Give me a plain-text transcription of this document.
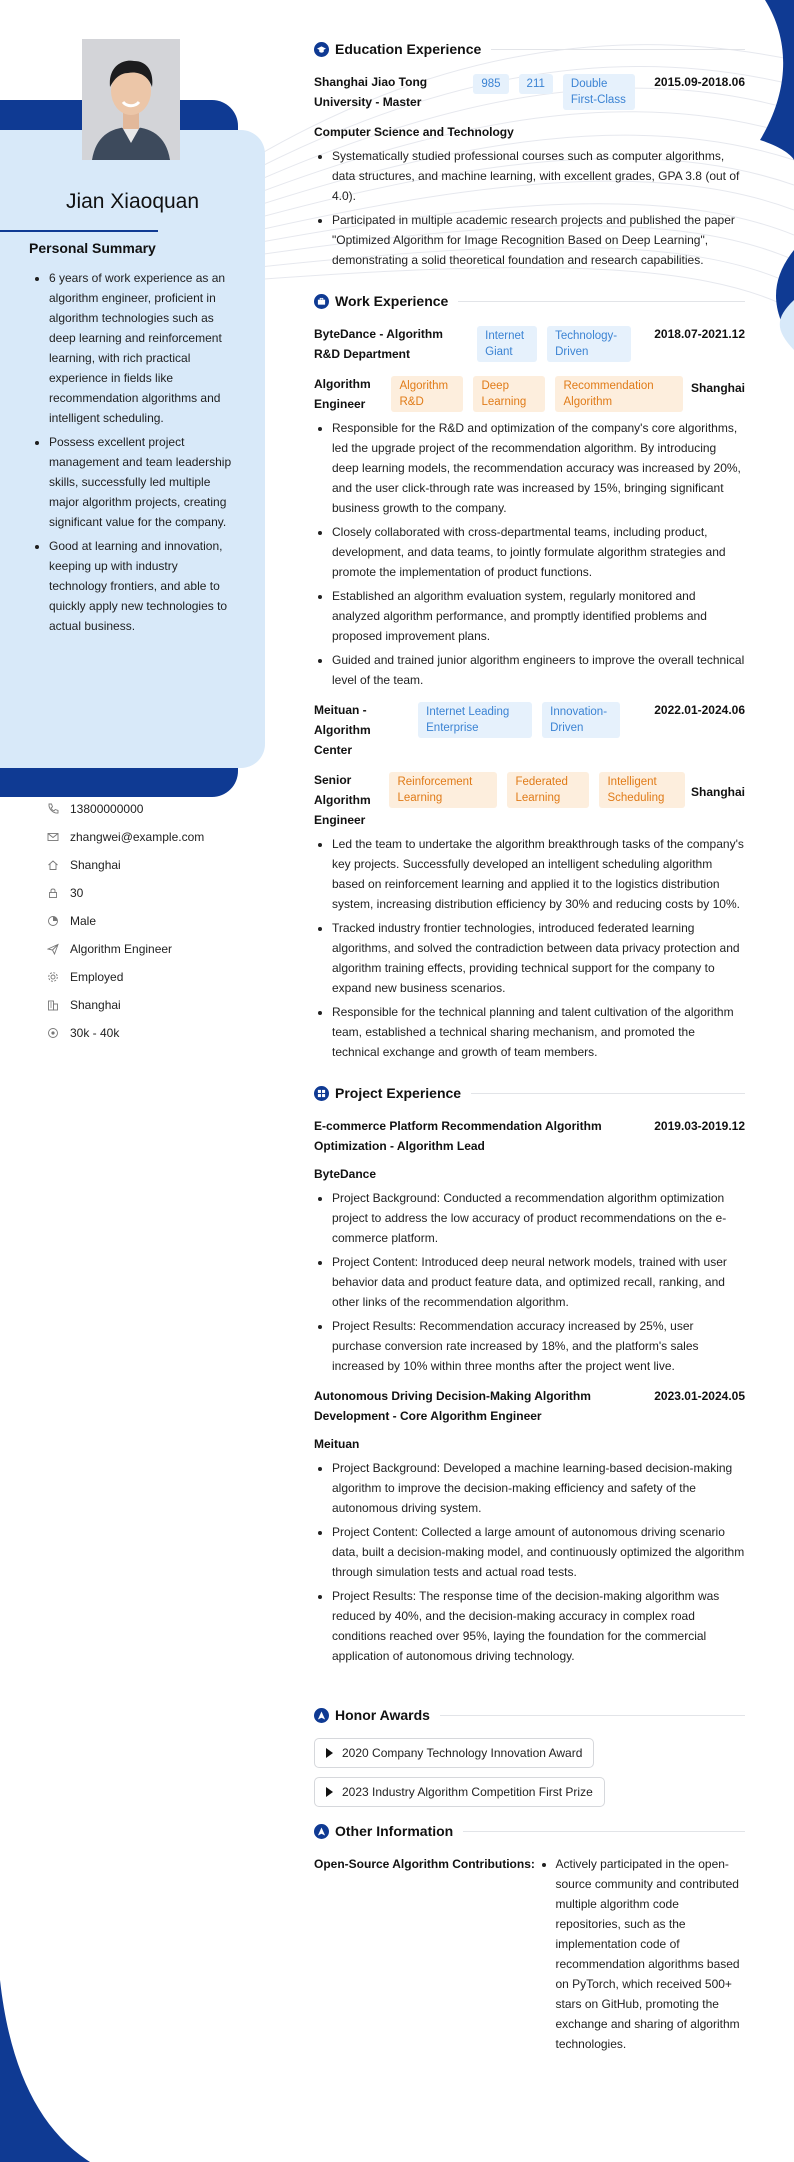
Jian Xiaoquan
Personal Summary
• 6 years of work experience as an algorithm engineer, proficient in algorithm technologies such as deep learning and reinforcement learning, with rich practical experience in fields like recommendation algorithms and intelligent scheduling.
• Possess excellent project management and team leadership skills, successfully led multiple major algorithm projects, creating significant value for the company.
• Good at learning and innovation, keeping up with industry technology frontiers, and able to quickly apply new technologies to actual business.
13800000000
zhangwei@example.com
Shanghai
30
Male
Algorithm Engineer
Employed
Shanghai
30k - 40k
Education Experience
Shanghai Jiao Tong University - Master
985	211	Double First-Class
2015.09-2018.06
Computer Science and Technology
• Systematically studied professional courses such as computer algorithms, data structures, and machine learning, with excellent grades, GPA 3.8 (out of 4.0).
• Participated in multiple academic research projects and published the paper "Optimized Algorithm for Image Recognition Based on Deep Learning", demonstrating a solid theoretical foundation and research capabilities.
Work Experience
ByteDance - Algorithm R&D Department
Internet Giant
Technology-Driven
2018.07-2021.12
Algorithm Engineer
Algorithm R&D
Deep Learning
Recommendation Algorithm
Shanghai
• Responsible for the R&D and optimization of the company's core algorithms, led the upgrade project of the recommendation algorithm. By introducing deep learning models, the recommendation accuracy was increased by 20%, and the user click-through rate was increased by 15%, bringing significant business growth to the company.
• Closely collaborated with cross-departmental teams, including product, development, and data teams, to jointly formulate algorithm strategies and promote the implementation of product functions.
• Established an algorithm evaluation system, regularly monitored and analyzed algorithm performance, and promptly identified problems and proposed improvement plans.
• Guided and trained junior algorithm engineers to improve the overall technical level of the team.
Meituan - Algorithm Center
Internet Leading Enterprise
Innovation-Driven
2022.01-2024.06
Senior Algorithm Engineer
Reinforcement Learning
Federated Learning
Intelligent Scheduling	Shanghai
• Led the team to undertake the algorithm breakthrough tasks of the company's key projects. Successfully developed an intelligent scheduling algorithm based on reinforcement learning and applied it to the logistics distribution system, increasing distribution efficiency by 30% and reducing costs by 10%.
• Tracked industry frontier technologies, introduced federated learning algorithms, and solved the contradiction between data privacy protection and algorithm training effects, providing technical support for the company to expand new business scenarios.
• Responsible for the technical planning and talent cultivation of the algorithm team, established a technical sharing mechanism, and promoted the technical exchange and growth of team members.
Project Experience
E-commerce Platform Recommendation Algorithm Optimization - Algorithm Lead
2019.03-2019.12
ByteDance
• Project Background: Conducted a recommendation algorithm optimization project to address the low accuracy of product recommendations on the e-commerce platform.
• Project Content: Introduced deep neural network models, trained with user behavior data and product feature data, and optimized recall, ranking, and other links of the recommendation algorithm.
• Project Results: Recommendation accuracy increased by 25%, user purchase conversion rate increased by 18%, and the platform's sales increased by 10% within three months after the project went live.
Autonomous Driving Decision-Making Algorithm Development - Core Algorithm Engineer
2023.01-2024.05
Meituan
• Project Background: Developed a machine learning-based decision-making algorithm to improve the decision-making efficiency and safety of the autonomous driving system.
• Project Content: Collected a large amount of autonomous driving scenario data, built a decision-making model, and continuously optimized the algorithm through simulation tests and actual road tests.
• Project Results: The response time of the decision-making algorithm was reduced by 40%, and the decision-making accuracy in complex road conditions reached over 95%, laying the foundation for the commercial application of autonomous driving technology.
Honor Awards
2020 Company Technology Innovation Award

2023 Industry Algorithm Competition First Prize
Other Information
Open-Source Algorithm Contributions:
• Actively participated in the open-source community and contributed multiple algorithm code repositories, such as the implementation code of recommendation algorithms based on PyTorch, which received 500+ stars on GitHub, promoting the exchange and sharing of algorithm technologies.
